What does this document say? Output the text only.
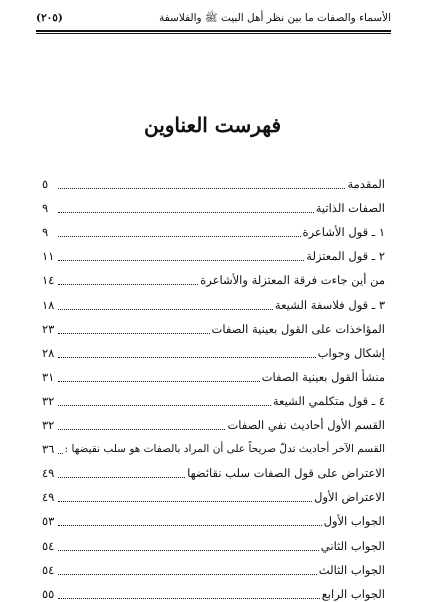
الأسماء والصفات ما بين نظر أهل البيت ﷺ والفلاسفة
(٢٠٥)
فهرست العناوين
المقدمة
٥
الصفات الذاتية
٩
١ ـ قول الأشاعرة
٩
٢ ـ قول المعتزلة
١١
من أين جاءت فرقة المعتزلة والأشاعرة
١٤
٣ ـ قول فلاسفة الشيعة
١٨
المؤاخذات على القول بعينية الصفات
٢٣
إشكال وجواب
٢٨
منشأ القول بعينية الصفات
٣١
٤ ـ قول متكلمي الشيعة
٣٢
القسم الأول أحاديث نفي الصفات
٣٢
القسم الآخر أحاديث تدلّ صريحاً على أن المراد بالصفات هو سلب نقيضها :
٣٦
الاعتراض على قول الصفات سلب نقائضها
٤٩
الاعتراض الأول
٤٩
الجواب الأول
٥٣
الجواب الثاني
٥٤
الجواب الثالث
٥٤
الجواب الرابع
٥٥
